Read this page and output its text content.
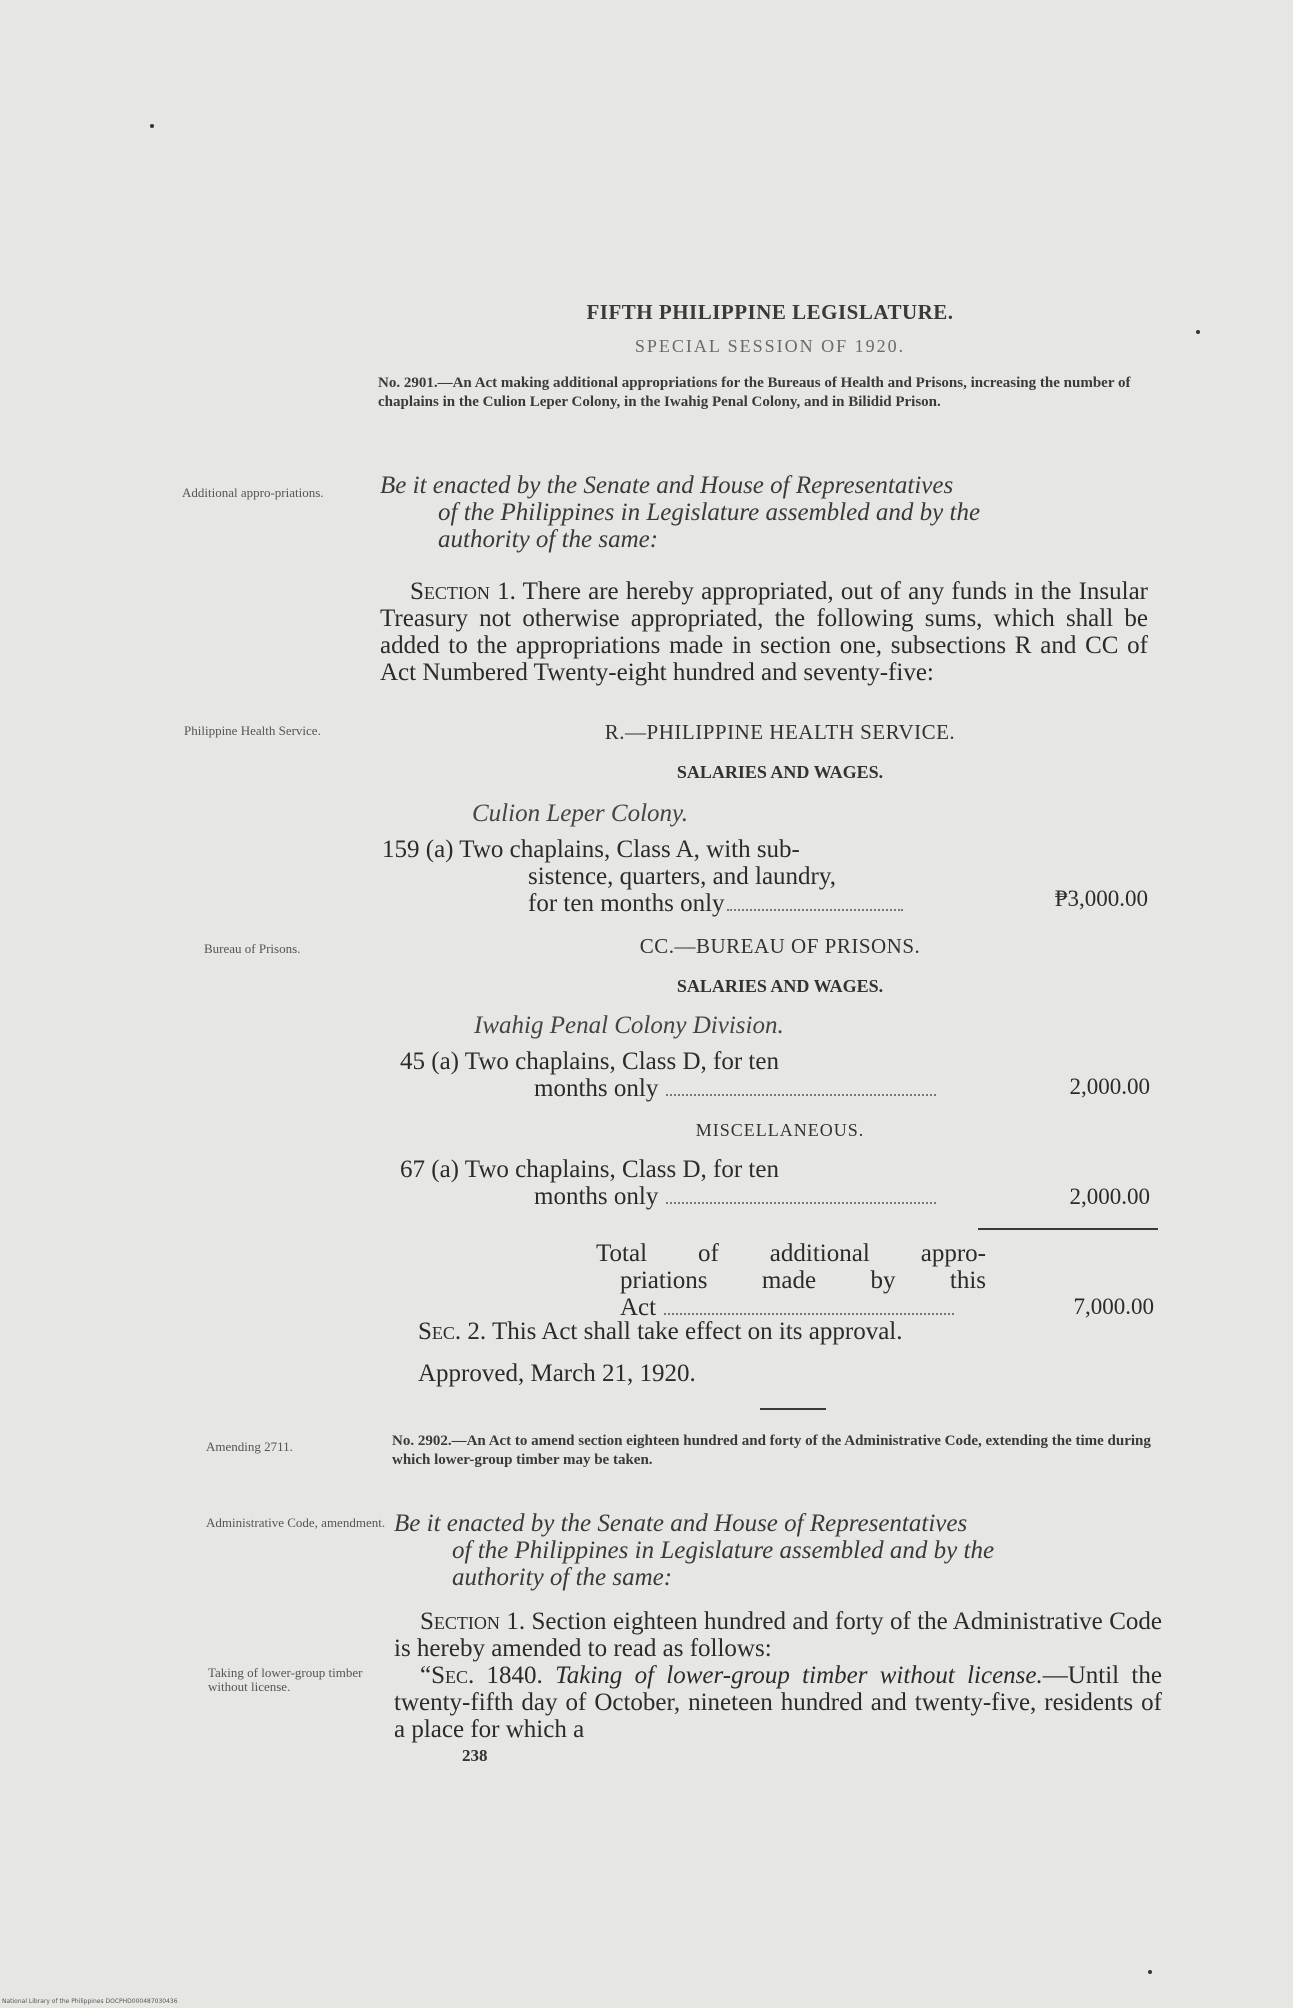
FIFTH PHILIPPINE LEGISLATURE.
SPECIAL SESSION OF 1920.
No. 2901.—An Act making additional appropriations for the Bureaus of Health and Prisons, increasing the number of chaplains in the Culion Leper Colony, in the Iwahig Penal Colony, and in Bilidid Prison.
Additional appro-priations.	Be it enacted by the Senate and House of Representatives
of the Philippines in Legislature assembled and by the
authority of the same:
Section 1. There are hereby appropriated, out of any funds in the Insular Treasury not otherwise appropriated, the following sums, which shall be added to the appropriations made in section one, subsections R and CC of Act Numbered Twenty-eight hundred and seventy-five:
Philippine Health Service.	R.—PHILIPPINE HEALTH SERVICE.
SALARIES AND WAGES.
Culion Leper Colony.
159 (a) Two chaplains, Class A, with sub-
sistence, quarters, and laundry,
for ten months only	₱3,000.00
Bureau of Prisons.	CC.—BUREAU OF PRISONS.
SALARIES AND WAGES.
Iwahig Penal Colony Division.
45 (a) Two chaplains, Class D, for ten
months only	2,000.00
MISCELLANEOUS.
67 (a) Two chaplains, Class D, for ten
months only	2,000.00
Total of additional appro-
priations made by this
Act	7,000.00
Sec. 2. This Act shall take effect on its approval.
Approved, March 21, 1920.
Amending 2711.	No. 2902.—An Act to amend section eighteen hundred and forty of the Administrative Code, extending the time during which lower-group timber may be taken.
Administrative Code, amendment. Be it enacted by the Senate and House of Representatives
of the Philippines in Legislature assembled and by the
authority of the same:
Section 1. Section eighteen hundred and forty of the Administrative Code is hereby amended to read as follows:
Taking of lower-group timber without license.	“Sec. 1840. Taking of lower-group timber without license.—Until the twenty-fifth day of October, nineteen hundred and twenty-five, residents of a place for which a
238
National Library of the Philippines DOCPHD000487030436
